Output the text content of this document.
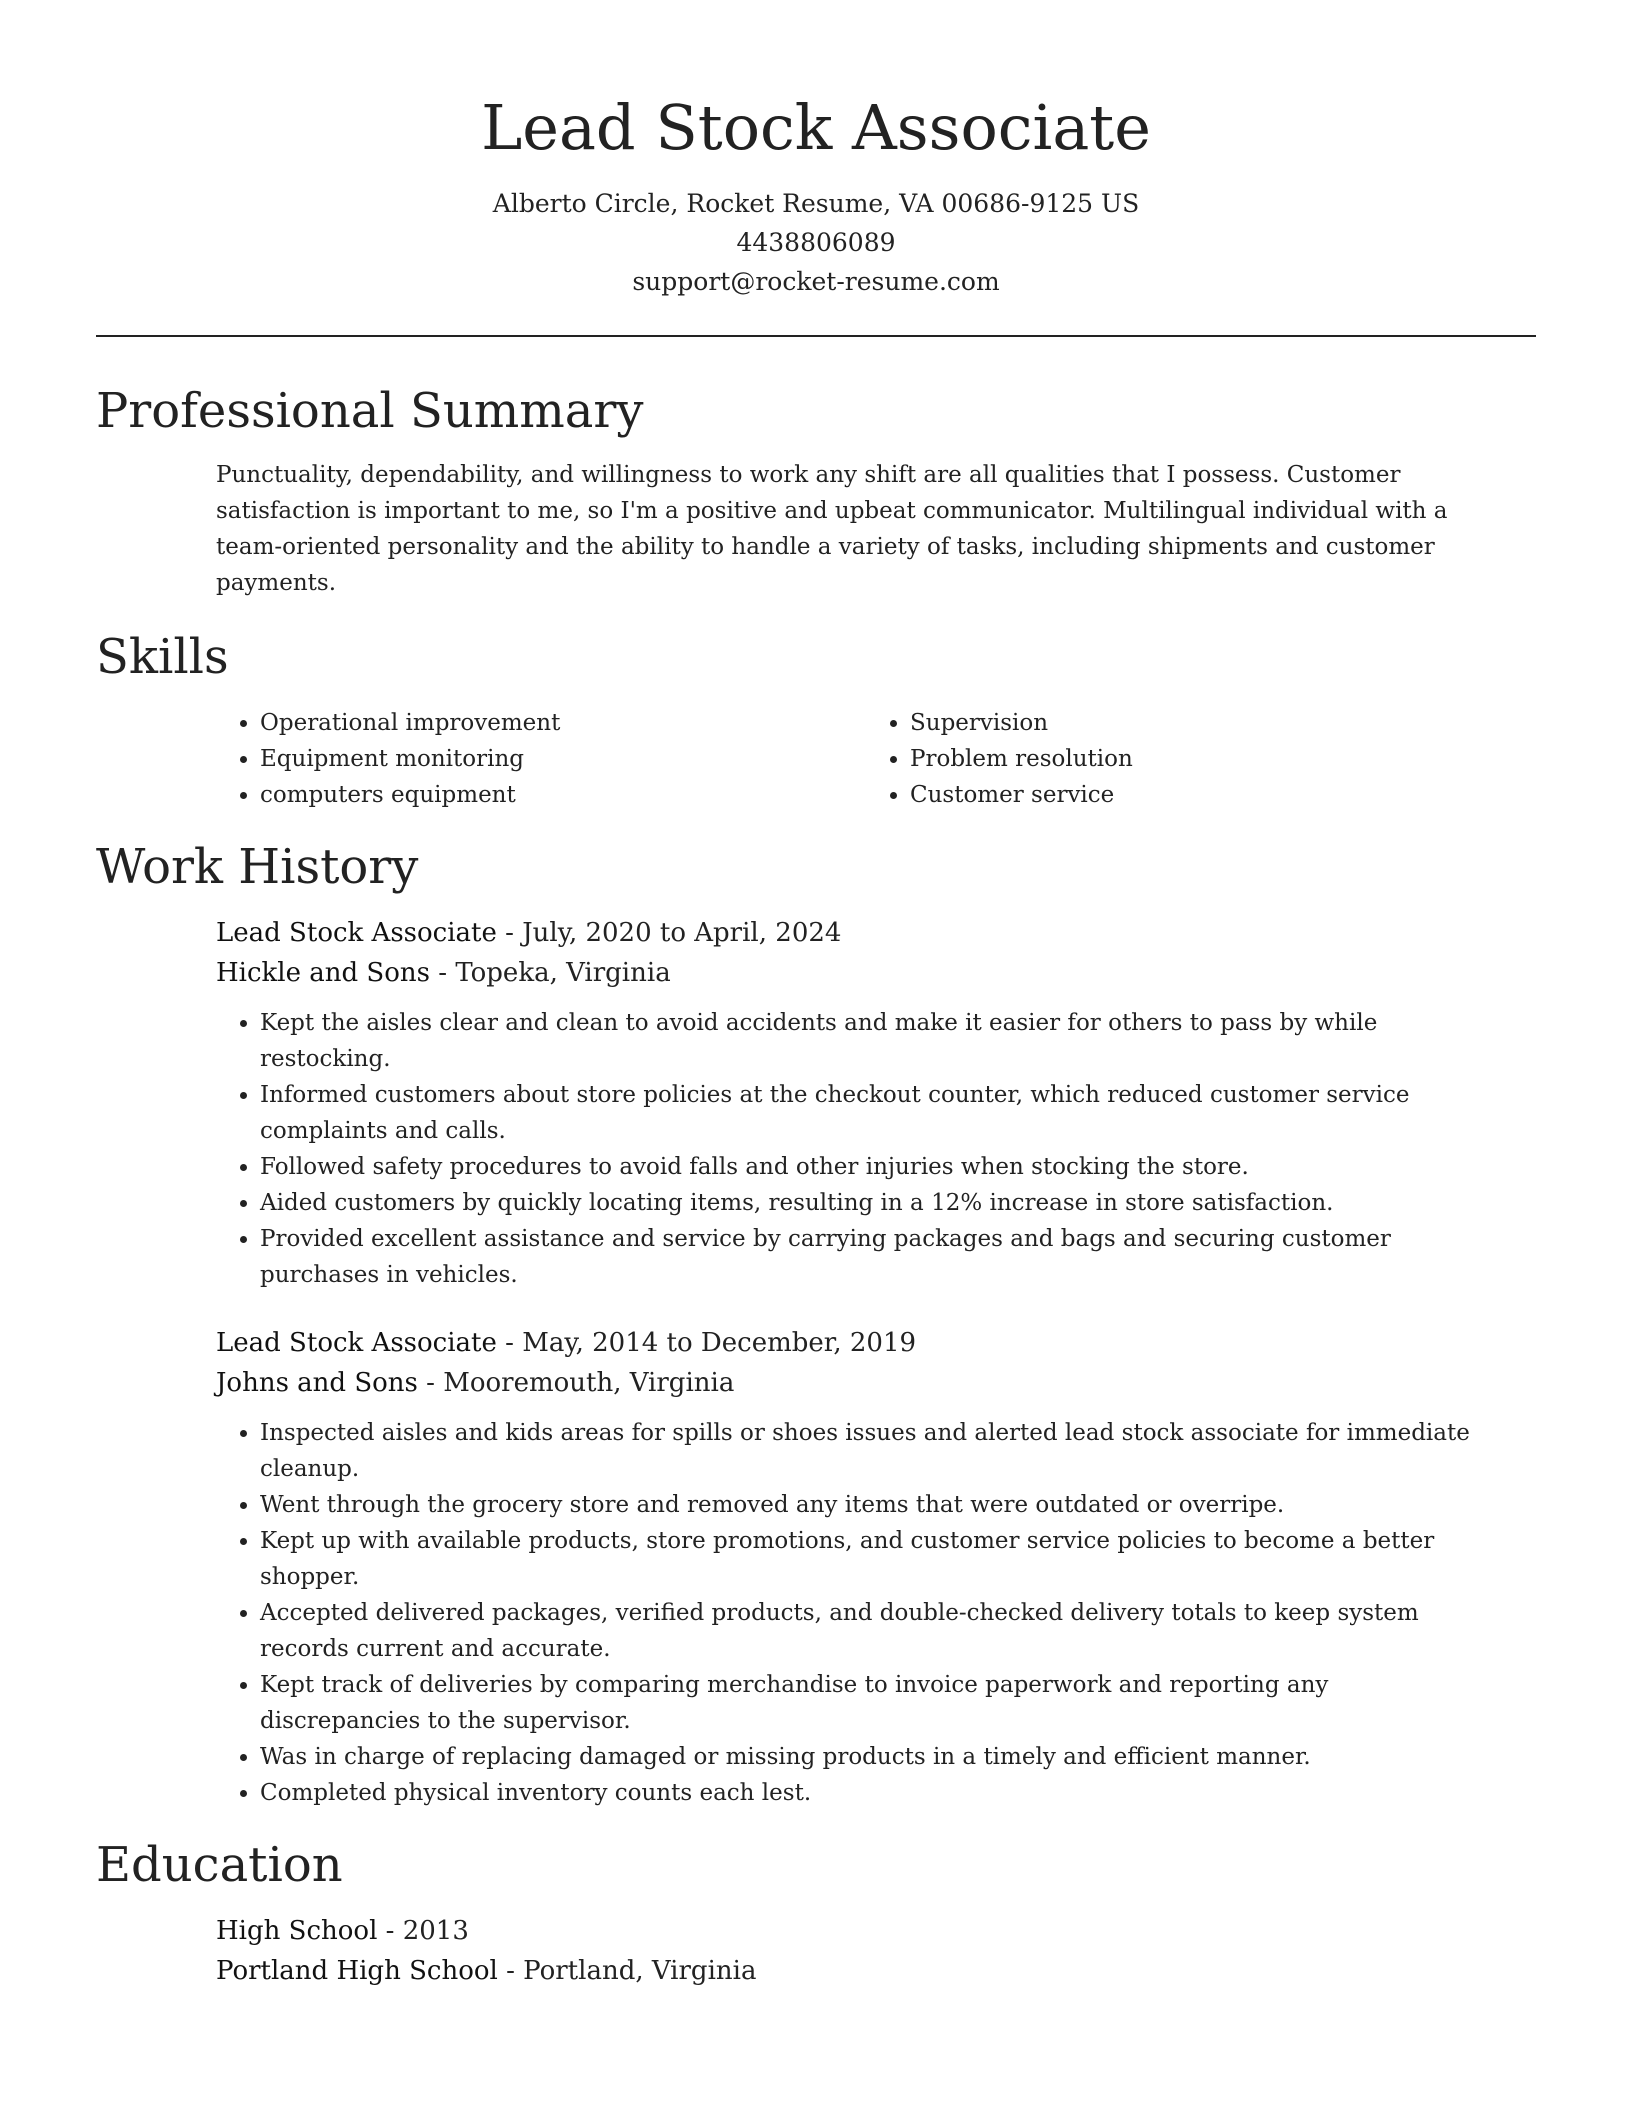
Lead Stock Associate
Alberto Circle, Rocket Resume, VA 00686-9125 US
4438806089
support@rocket-resume.com
Professional Summary

Punctuality, dependability, and willingness to work any shift are all qualities that I possess. Customer satisfaction is important to me, so I'm a positive and upbeat communicator. Multilingual individual with a team-oriented personality and the ability to handle a variety of tasks, including shipments and customer payments.

Skills
• Operational improvement
• Equipment monitoring
• computers equipment
• Supervision
• Problem resolution
• Customer service
Work History
Lead Stock Associate - July, 2020 to April, 2024
Hickle and Sons - Topeka, Virginia
• Kept the aisles clear and clean to avoid accidents and make it easier for others to pass by while restocking.
• Informed customers about store policies at the checkout counter, which reduced customer service complaints and calls.
• Followed safety procedures to avoid falls and other injuries when stocking the store.
• Aided customers by quickly locating items, resulting in a 12% increase in store satisfaction.
• Provided excellent assistance and service by carrying packages and bags and securing customer purchases in vehicles.
Lead Stock Associate - May, 2014 to December, 2019
Johns and Sons - Mooremouth, Virginia
• Inspected aisles and kids areas for spills or shoes issues and alerted lead stock associate for immediate cleanup.
• Went through the grocery store and removed any items that were outdated or overripe.
• Kept up with available products, store promotions, and customer service policies to become a better shopper.
• Accepted delivered packages, verified products, and double-checked delivery totals to keep system records current and accurate.
• Kept track of deliveries by comparing merchandise to invoice paperwork and reporting any discrepancies to the supervisor.
• Was in charge of replacing damaged or missing products in a timely and efficient manner.
• Completed physical inventory counts each lest.
Education
High School - 2013
Portland High School - Portland, Virginia
